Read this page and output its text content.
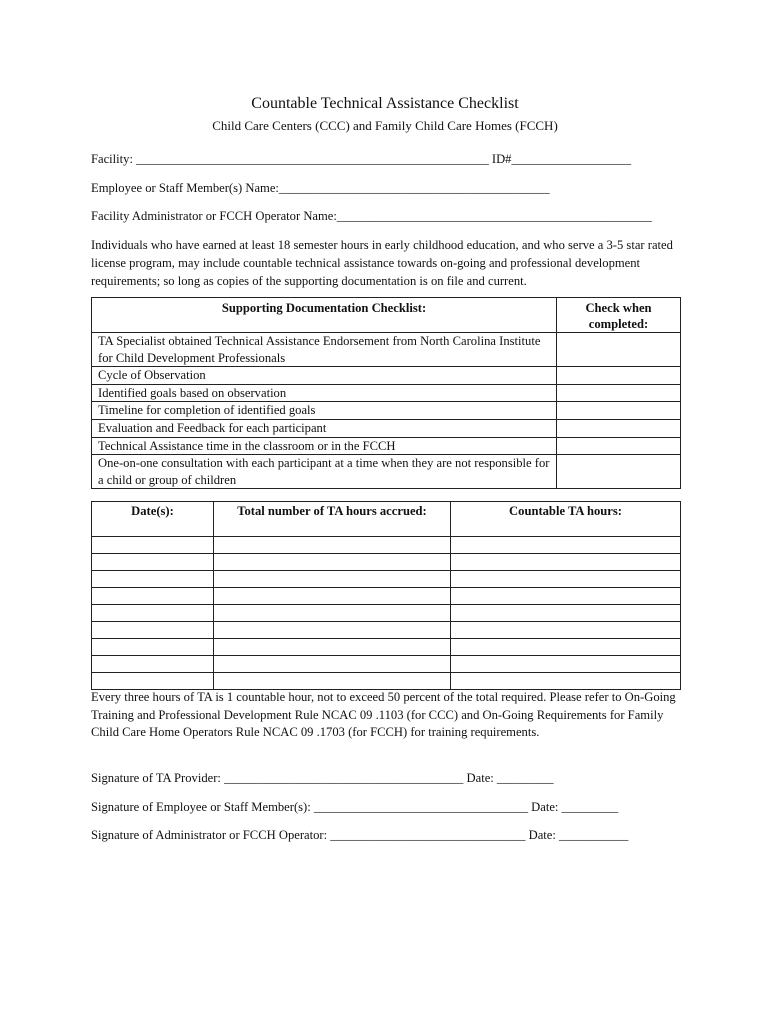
Countable Technical Assistance Checklist
Child Care Centers (CCC) and Family Child Care Homes (FCCH)
Facility: ________________________________________________________ ID#___________________
Employee or Staff Member(s) Name:___________________________________________
Facility Administrator or FCCH Operator Name:__________________________________________________

Individuals who have earned at least 18 semester hours in early childhood education, and who serve a 3-5 star rated license program, may include countable technical assistance towards on-going and professional development requirements; so long as copies of the supporting documentation is on file and current.

Supporting Documentation Checklist:	Check when
completed:
TA Specialist obtained Technical Assistance Endorsement from North Carolina Institute for Child Development Professionals	
Cycle of Observation	
Identified goals based on observation	
Timeline for completion of identified goals	
Evaluation and Feedback for each participant	
Technical Assistance time in the classroom or in the FCCH	
One-on-one consultation with each participant at a time when they are not responsible for a child or group of children	
Date(s):	Total number of TA hours accrued:	Countable TA hours:

Every three hours of TA is 1 countable hour, not to exceed 50 percent of the total required. Please refer to On-Going Training and Professional Development Rule NCAC 09 .1103 (for CCC) and On-Going Requirements for Family Child Care Home Operators Rule NCAC 09 .1703 (for FCCH) for training requirements.

Signature of TA Provider: ______________________________________ Date: _________
Signature of Employee or Staff Member(s): __________________________________ Date: _________
Signature of Administrator or FCCH Operator: _______________________________ Date: ___________
